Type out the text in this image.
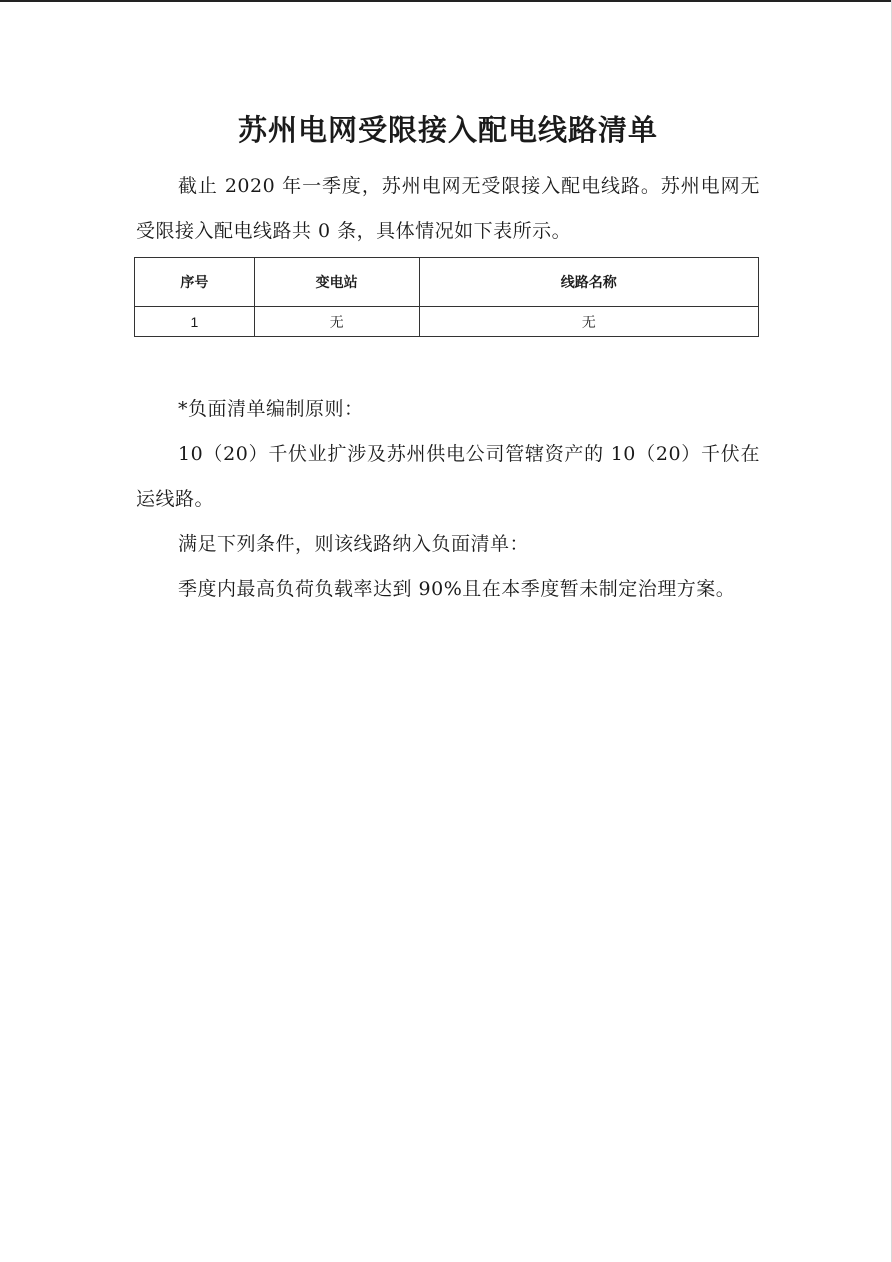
苏州电网受限接入配电线路清单

截止 2020 年一季度，苏州电网无受限接入配电线路。苏州电网无受限接入配电线路共 0 条，具体情况如下表所示。

序号	变电站	线路名称
1	无	无

*负面清单编制原则：

10（20）千伏业扩涉及苏州供电公司管辖资产的 10（20）千伏在运线路。

满足下列条件，则该线路纳入负面清单：

季度内最高负荷负载率达到 90%且在本季度暂未制定治理方案。
